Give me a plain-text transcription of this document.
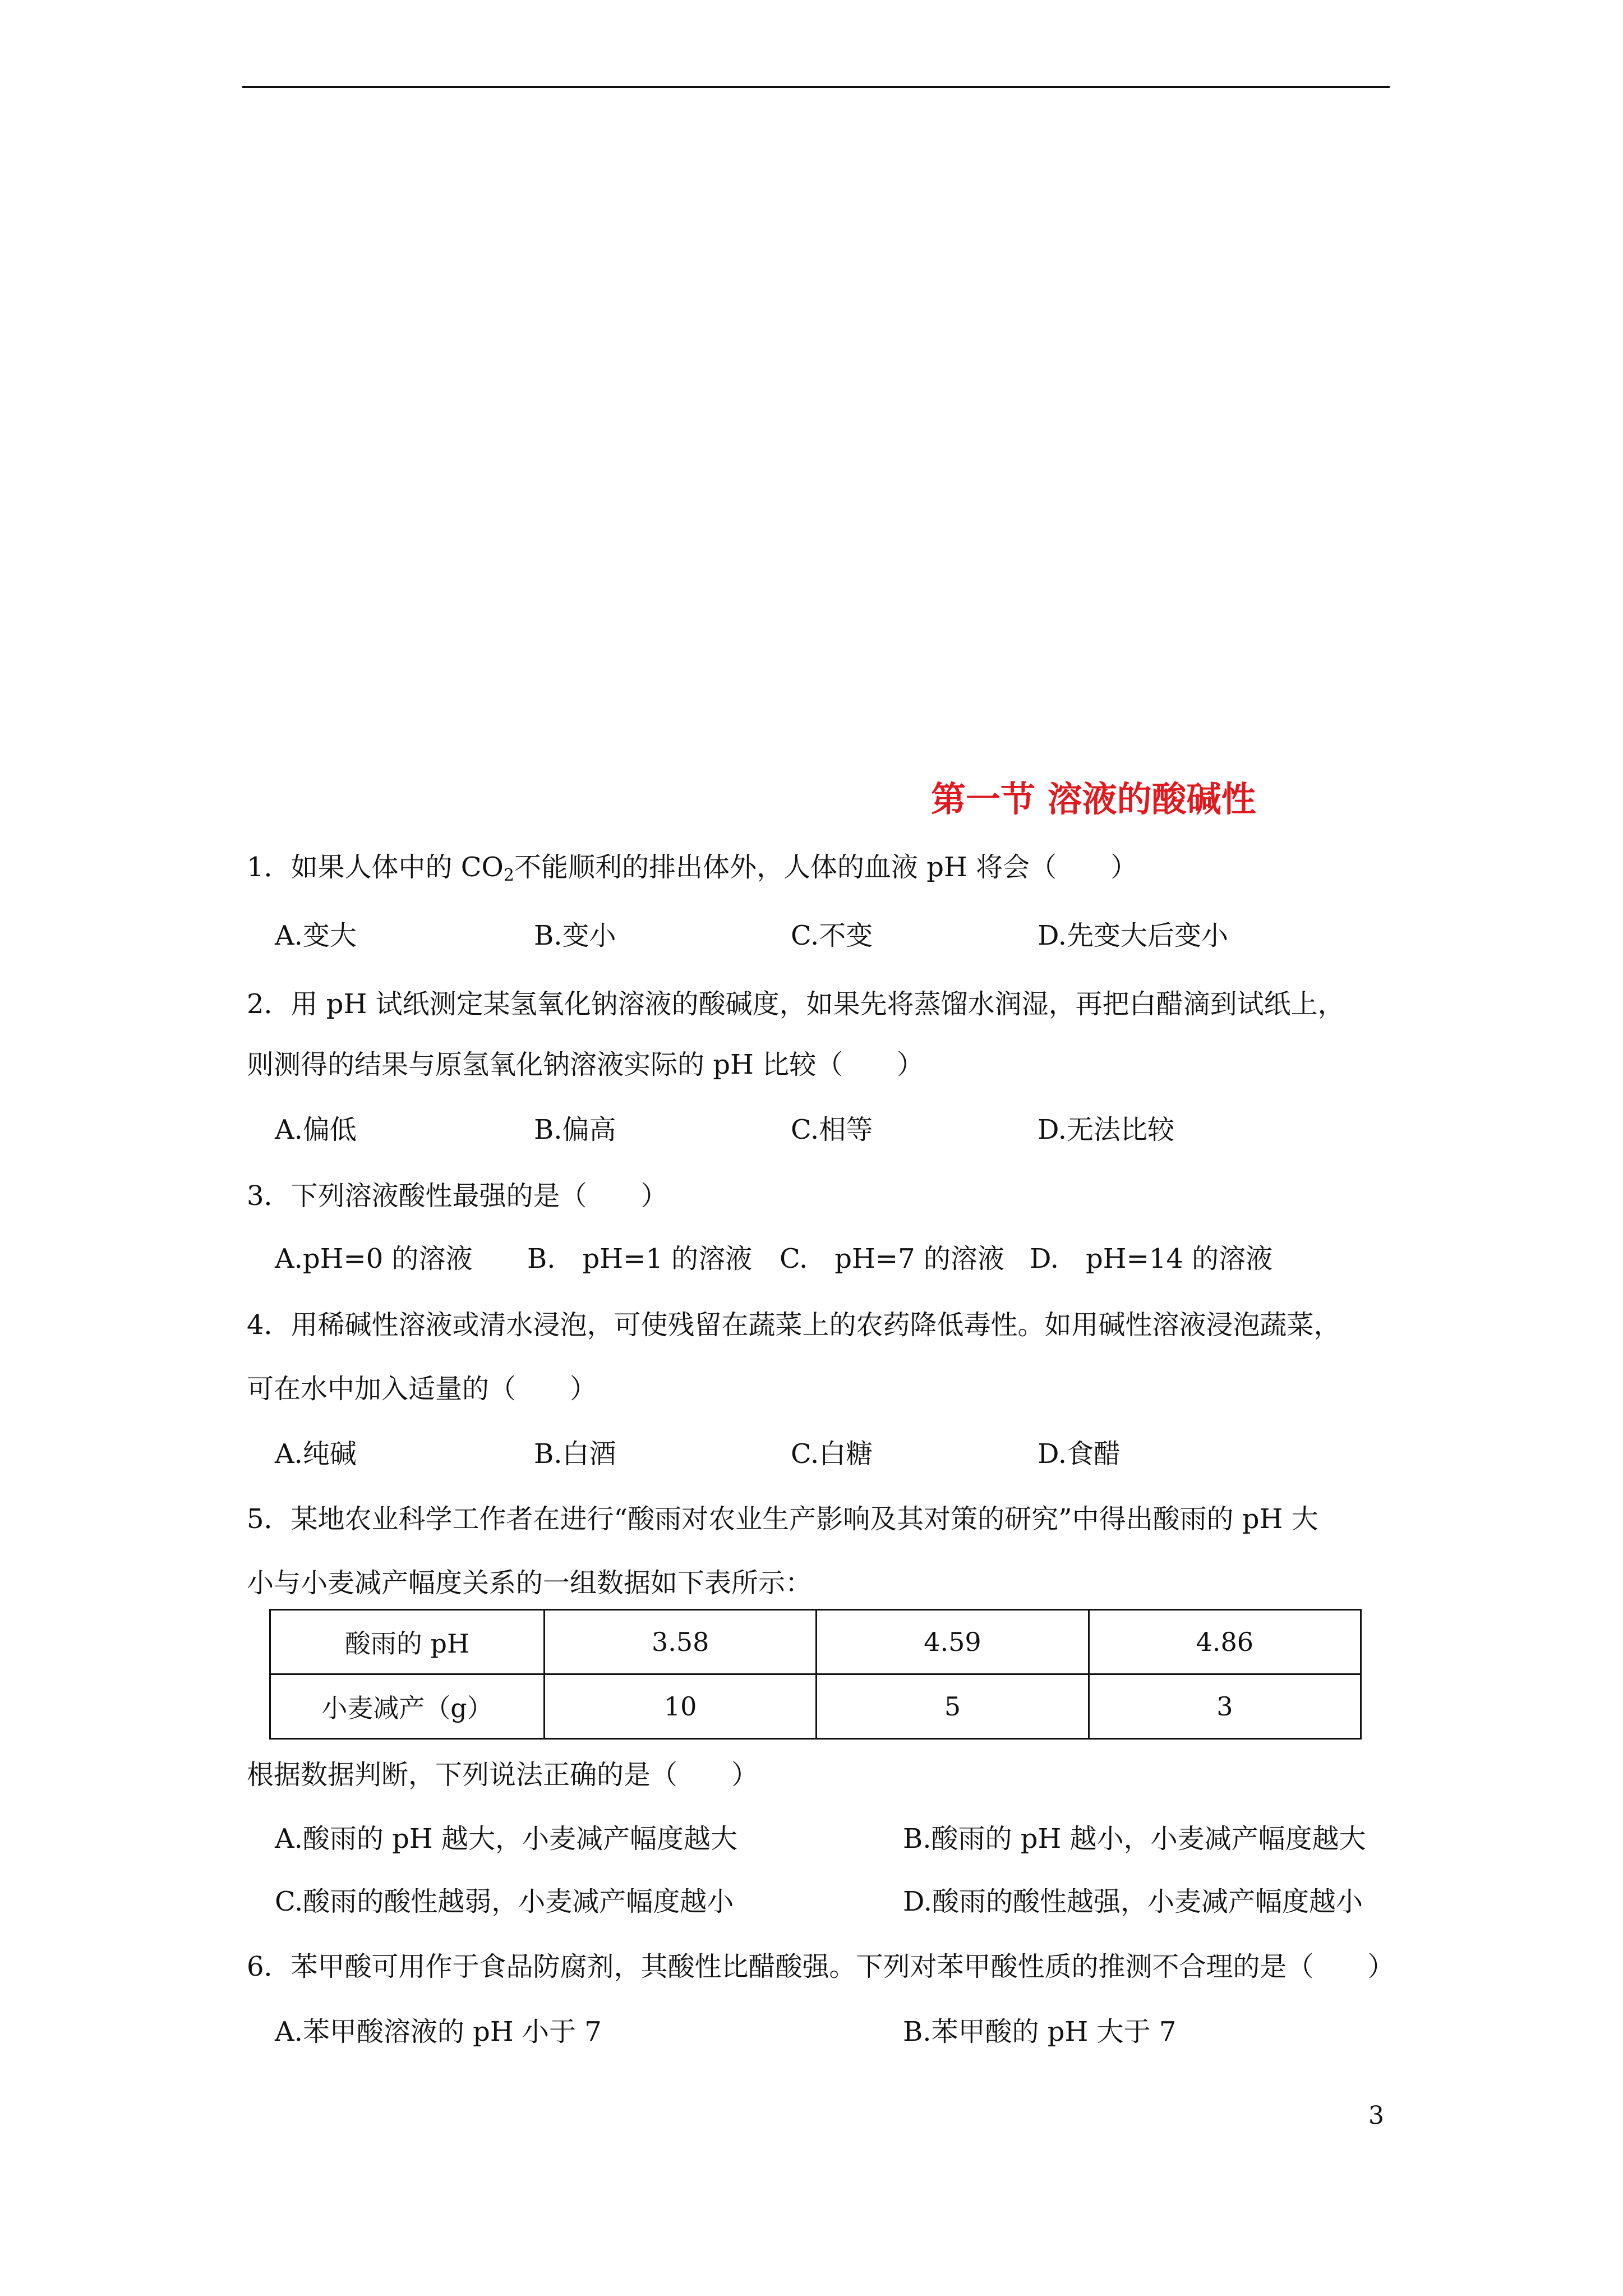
第一节 溶液的酸碱性
1．如果人体中的 $CO_2$不能顺利的排出体外，人体的血液 pH 将会（　　）
A.变大	B.变小	C.不变	D.先变大后变小
2．用 pH 试纸测定某氢氧化钠溶液的酸碱度，如果先将蒸馏水润湿，再把白醋滴到试纸上，
则测得的结果与原氢氧化钠溶液实际的 pH 比较（　　）
A.偏低	B.偏高	C.相等	D.无法比较
3．下列溶液酸性最强的是（　　）
A.pH=0 的溶液 B.　pH=1 的溶液 C.　pH=7 的溶液 D.　pH=14 的溶液
4．用稀碱性溶液或清水浸泡，可使残留在蔬菜上的农药降低毒性。如用碱性溶液浸泡蔬菜，
可在水中加入适量的（　　）
A.纯碱	B.白酒	C.白糖	D.食醋
5．某地农业科学工作者在进行“酸雨对农业生产影响及其对策的研究”中得出酸雨的 pH 大
小与小麦减产幅度关系的一组数据如下表所示：
酸雨的 pH	3.58	4.59	4.86
小麦减产（g）	10	5	3
根据数据判断，下列说法正确的是（　　）
A.酸雨的 pH 越大，小麦减产幅度越大	B.酸雨的 pH 越小，小麦减产幅度越大
C.酸雨的酸性越弱，小麦减产幅度越小	D.酸雨的酸性越强，小麦减产幅度越小
6．苯甲酸可用作于食品防腐剂，其酸性比醋酸强。下列对苯甲酸性质的推测不合理的是（　　）
A.苯甲酸溶液的 pH 小于 7	B.苯甲酸的 pH 大于 7
3
